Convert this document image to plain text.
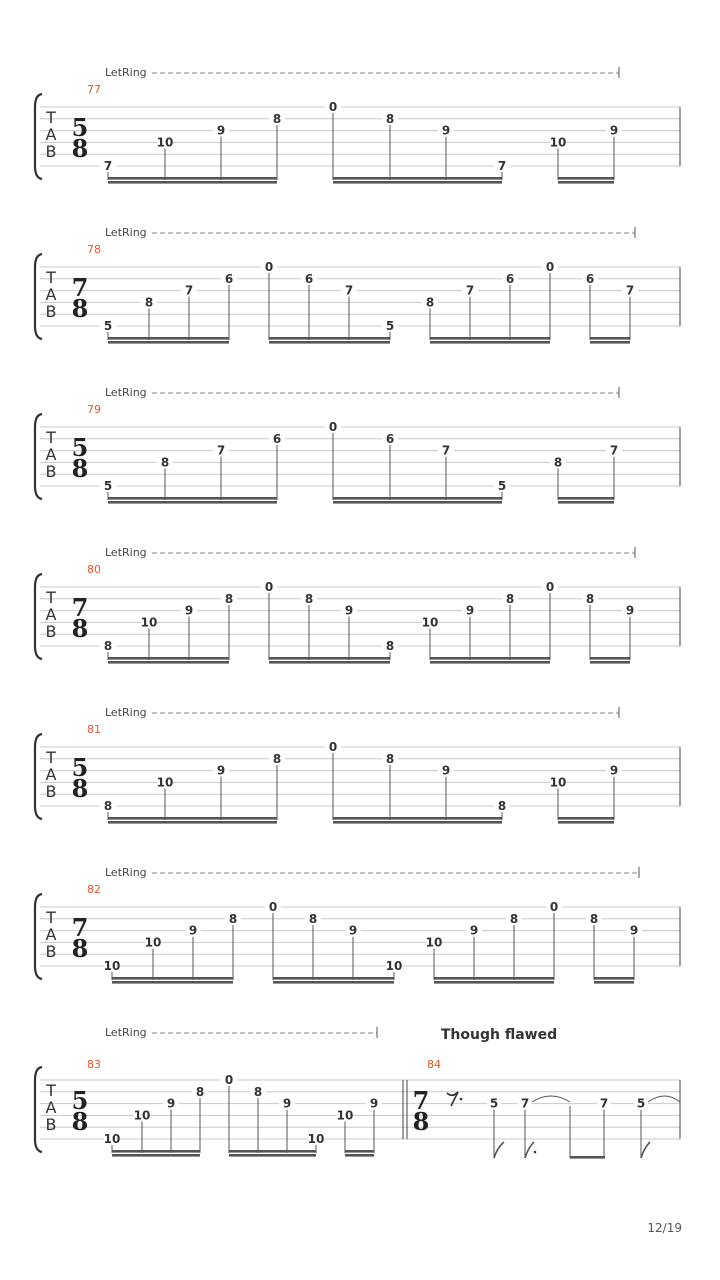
LetRing
77
T
A
B
5
8
7
10
9
8
0
8
9
7
10
9
LetRing
78
T
A
B
7
8
5
8
7
6
0
6
7
5
8
7
6
0
6
7
LetRing
79
T
A
B
5
8
5
8
7
6
0
6
7
5
8
7
LetRing
80
T
A
B
7
8
8
10
9
8
0
8
9
8
10
9
8
0
8
9
LetRing
81
T
A
B
5
8
8
10
9
8
0
8
9
8
10
9
LetRing
82
T
A
B
7
8
10
10
9
8
0
8
9
10
10
9
8
0
8
9
LetRing	Though flawed
83	84
T
A
B
5
8
10
10
9
8
0
8
9
10
10
9 7
8
5 7	7 5
12/19
